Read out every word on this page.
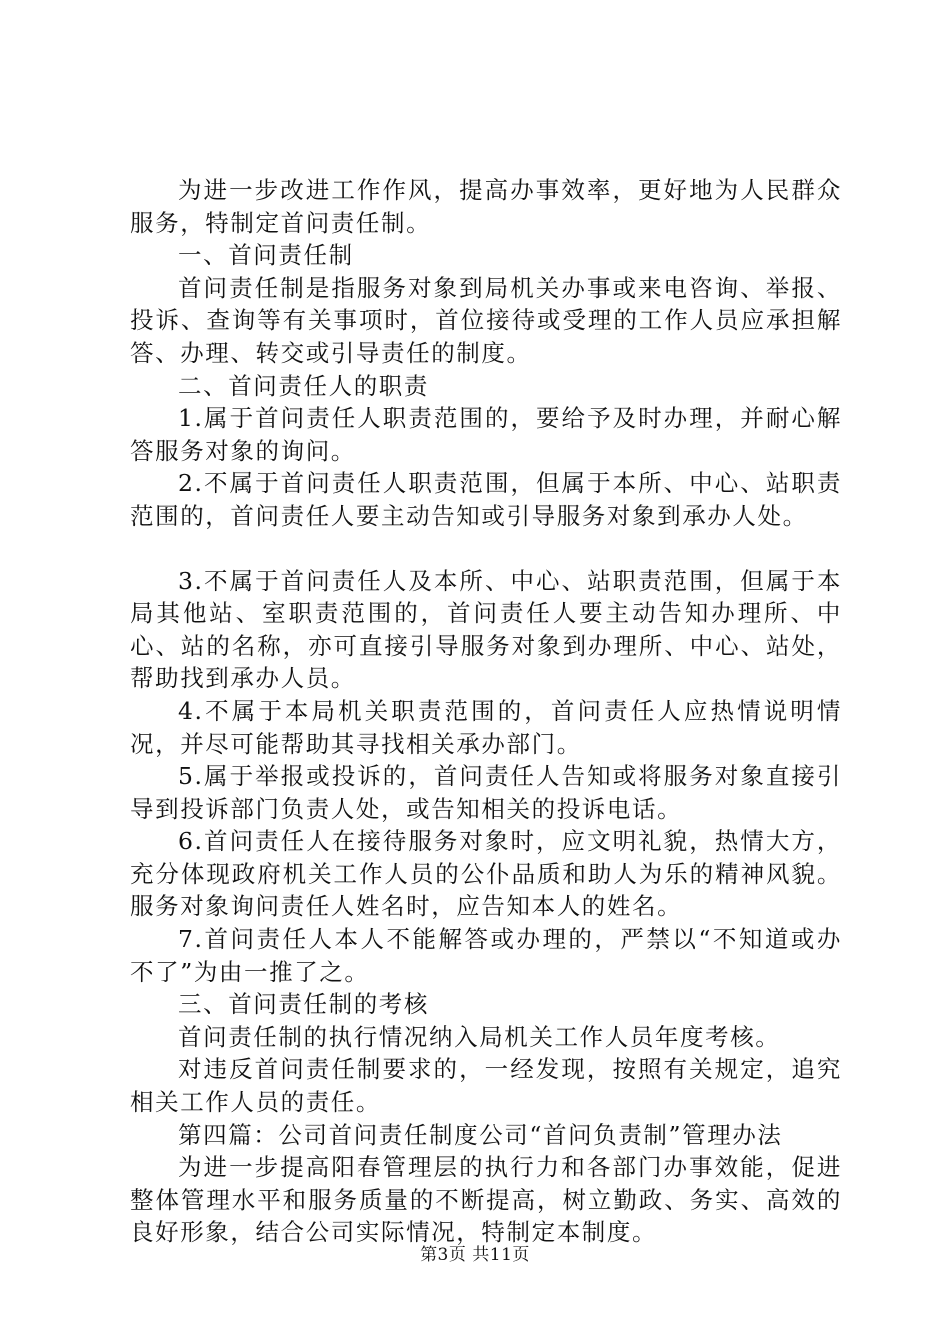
为进一步改进工作作风，提高办事效率，更好地为人民群众服务，特制定首问责任制。

一、首问责任制

首问责任制是指服务对象到局机关办事或来电咨询、举报、投诉、查询等有关事项时，首位接待或受理的工作人员应承担解答、办理、转交或引导责任的制度。

二、首问责任人的职责

1.属于首问责任人职责范围的，要给予及时办理，并耐心解答服务对象的询问。

2.不属于首问责任人职责范围，但属于本所、中心、站职责范围的，首问责任人要主动告知或引导服务对象到承办人处。

3.不属于首问责任人及本所、中心、站职责范围，但属于本局其他站、室职责范围的，首问责任人要主动告知办理所、中心、站的名称，亦可直接引导服务对象到办理所、中心、站处，帮助找到承办人员。

4.不属于本局机关职责范围的，首问责任人应热情说明情况，并尽可能帮助其寻找相关承办部门。

5.属于举报或投诉的，首问责任人告知或将服务对象直接引导到投诉部门负责人处，或告知相关的投诉电话。

6.首问责任人在接待服务对象时，应文明礼貌，热情大方，充分体现政府机关工作人员的公仆品质和助人为乐的精神风貌。服务对象询问责任人姓名时，应告知本人的姓名。

7.首问责任人本人不能解答或办理的，严禁以“不知道或办不了”为由一推了之。

三、首问责任制的考核

首问责任制的执行情况纳入局机关工作人员年度考核。

对违反首问责任制要求的，一经发现，按照有关规定，追究相关工作人员的责任。

第四篇：公司首问责任制度公司“首问负责制”管理办法

为进一步提高阳春管理层的执行力和各部门办事效能，促进整体管理水平和服务质量的不断提高，树立勤政、务实、高效的良好形象，结合公司实际情况，特制定本制度。

第3页 共11页
